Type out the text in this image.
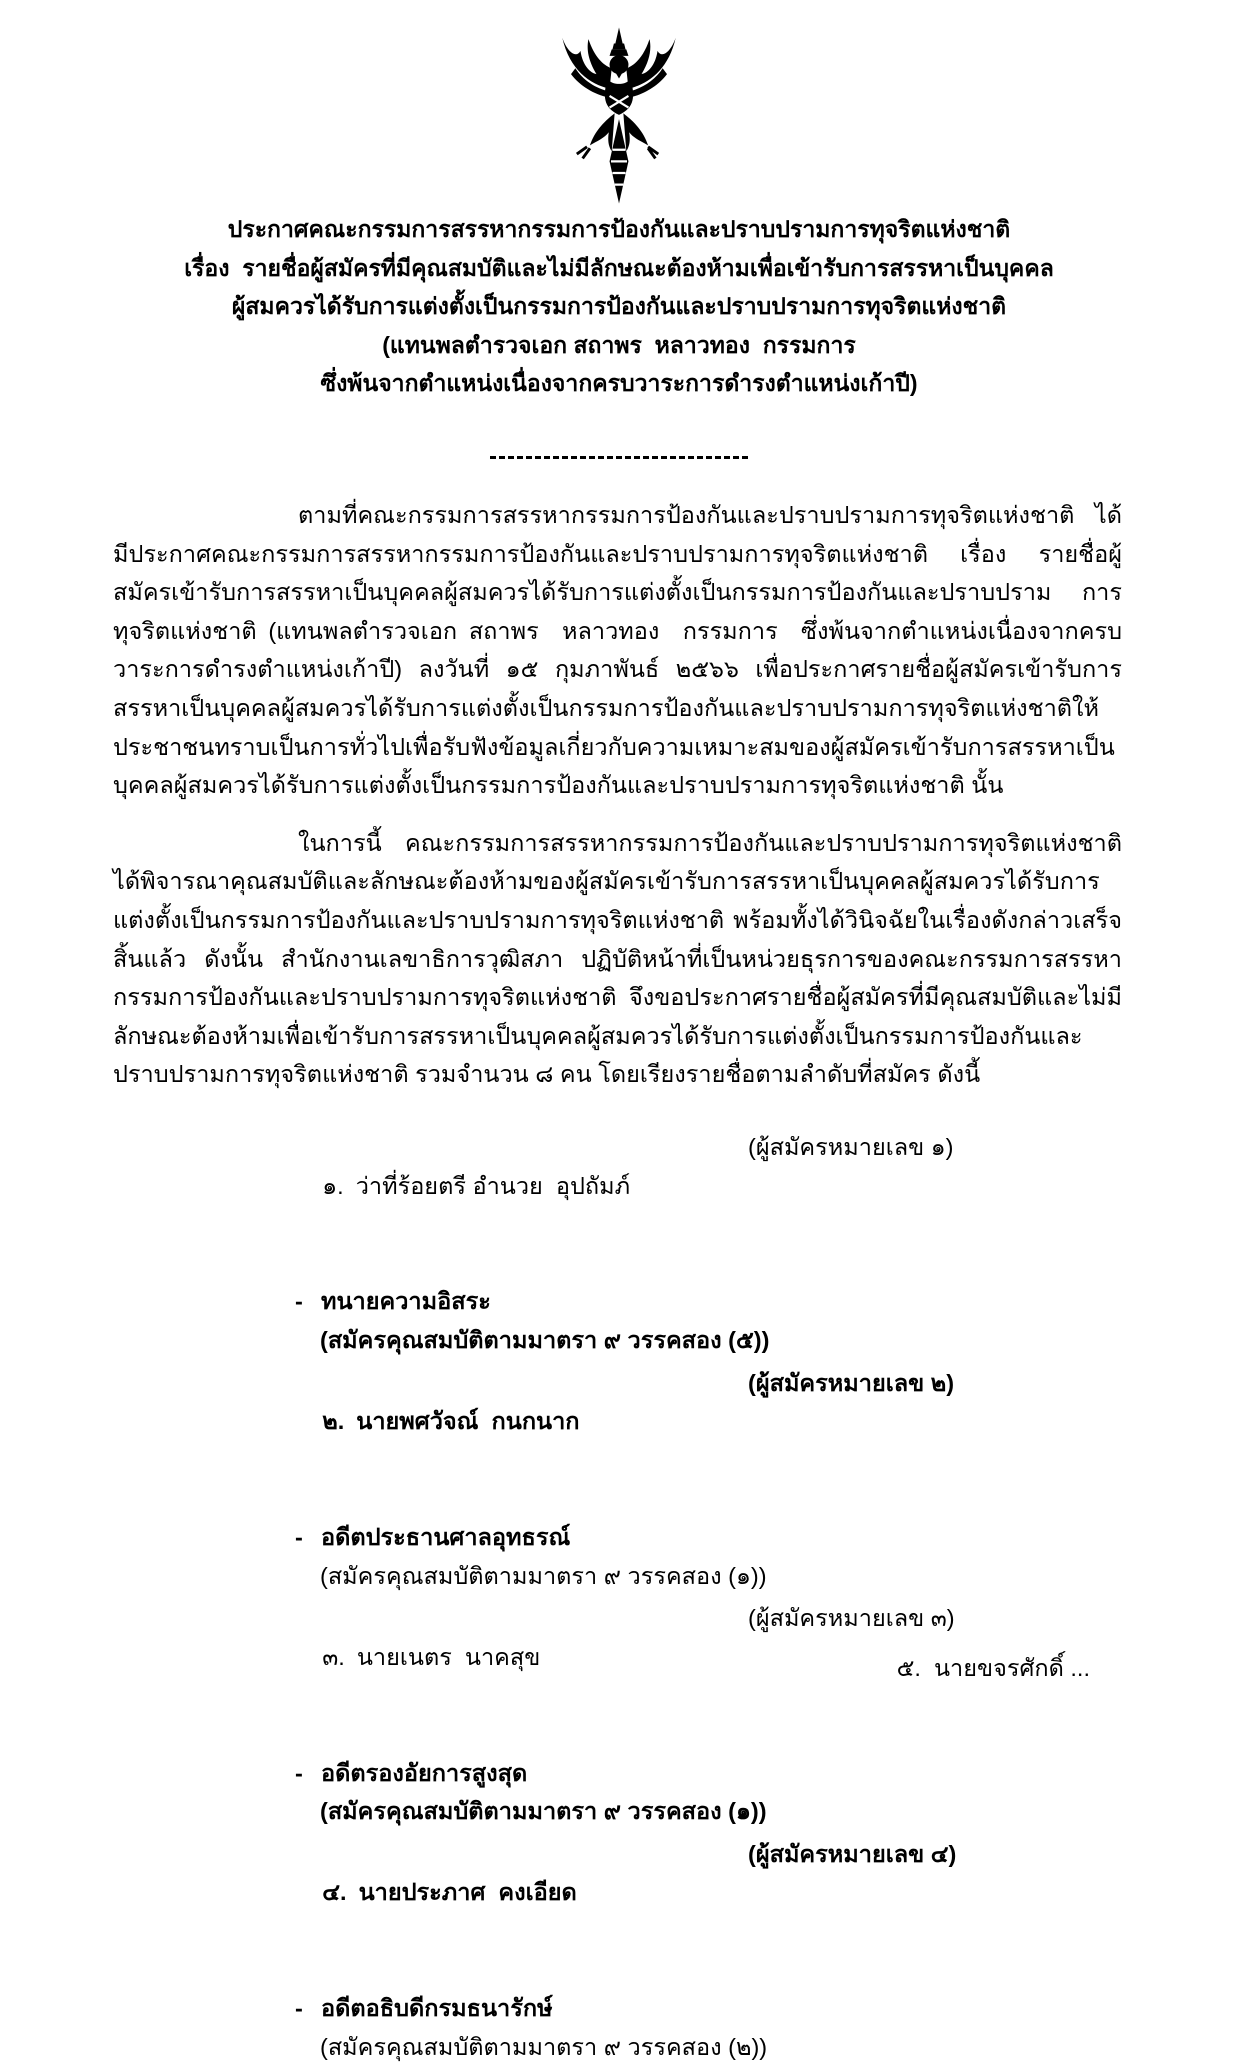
ประกาศคณะกรรมการสรรหากรรมการป้องกันและปราบปรามการทุจริตแห่งชาติ
เรื่อง  รายชื่อผู้สมัครที่มีคุณสมบัติและไม่มีลักษณะต้องห้ามเพื่อเข้ารับการสรรหาเป็นบุคคล
ผู้สมควรได้รับการแต่งตั้งเป็นกรรมการป้องกันและปราบปรามการทุจริตแห่งชาติ
(แทนพลตำรวจเอก สถาพร  หลาวทอง  กรรมการ
ซึ่งพ้นจากตำแหน่งเนื่องจากครบวาระการดำรงตำแหน่งเก้าปี)

ตามที่คณะกรรมการสรรหากรรมการป้องกันและปราบปรามการทุจริตแห่งชาติ ได้มีประกาศคณะกรรมการสรรหากรรมการป้องกันและปราบปรามการทุจริตแห่งชาติ เรื่อง รายชื่อผู้สมัครเข้ารับการสรรหาเป็นบุคคลผู้สมควรได้รับการแต่งตั้งเป็นกรรมการป้องกันและปราบปราม การทุจริตแห่งชาติ (แทนพลตำรวจเอก สถาพร  หลาวทอง  กรรมการ  ซึ่งพ้นจากตำแหน่งเนื่องจากครบวาระการดำรงตำแหน่งเก้าปี) ลงวันที่ ๑๕ กุมภาพันธ์ ๒๕๖๖ เพื่อประกาศรายชื่อผู้สมัครเข้ารับการสรรหาเป็นบุคคลผู้สมควรได้รับการแต่งตั้งเป็นกรรมการป้องกันและปราบปรามการทุจริตแห่งชาติให้ประชาชนทราบเป็นการทั่วไปเพื่อรับฟังข้อมูลเกี่ยวกับความเหมาะสมของผู้สมัครเข้ารับการสรรหาเป็นบุคคลผู้สมควรได้รับการแต่งตั้งเป็นกรรมการป้องกันและปราบปรามการทุจริตแห่งชาติ นั้น

ในการนี้ คณะกรรมการสรรหากรรมการป้องกันและปราบปรามการทุจริตแห่งชาติ ได้พิจารณาคุณสมบัติและลักษณะต้องห้ามของผู้สมัครเข้ารับการสรรหาเป็นบุคคลผู้สมควรได้รับการแต่งตั้งเป็นกรรมการป้องกันและปราบปรามการทุจริตแห่งชาติ พร้อมทั้งได้วินิจฉัยในเรื่องดังกล่าวเสร็จสิ้นแล้ว ดังนั้น สำนักงานเลขาธิการวุฒิสภา ปฏิบัติหน้าที่เป็นหน่วยธุรการของคณะกรรมการสรรหากรรมการป้องกันและปราบปรามการทุจริตแห่งชาติ จึงขอประกาศรายชื่อผู้สมัครที่มีคุณสมบัติและไม่มีลักษณะต้องห้ามเพื่อเข้ารับการสรรหาเป็นบุคคลผู้สมควรได้รับการแต่งตั้งเป็นกรรมการป้องกันและปราบปรามการทุจริตแห่งชาติ รวมจำนวน ๘ คน โดยเรียงรายชื่อตามลำดับที่สมัคร ดังนี้

๑. ว่าที่ร้อยตรี อำนวย  อุปถัมภ์

(ผู้สมัครหมายเลข ๑)

- ทนายความอิสระ
(สมัครคุณสมบัติตามมาตรา ๙ วรรคสอง (๕))

๒. นายพศวัจณ์  กนกนาก

(ผู้สมัครหมายเลข ๒)

- อดีตประธานศาลอุทธรณ์
(สมัครคุณสมบัติตามมาตรา ๙ วรรคสอง (๑))

๓. นายเนตร  นาคสุข

(ผู้สมัครหมายเลข ๓)

- อดีตรองอัยการสูงสุด
(สมัครคุณสมบัติตามมาตรา ๙ วรรคสอง (๑))

๔. นายประภาศ  คงเอียด

(ผู้สมัครหมายเลข ๔)

- อดีตอธิบดีกรมธนารักษ์
(สมัครคุณสมบัติตามมาตรา ๙ วรรคสอง (๒))
๕.  นายขจรศักดิ์ ...
